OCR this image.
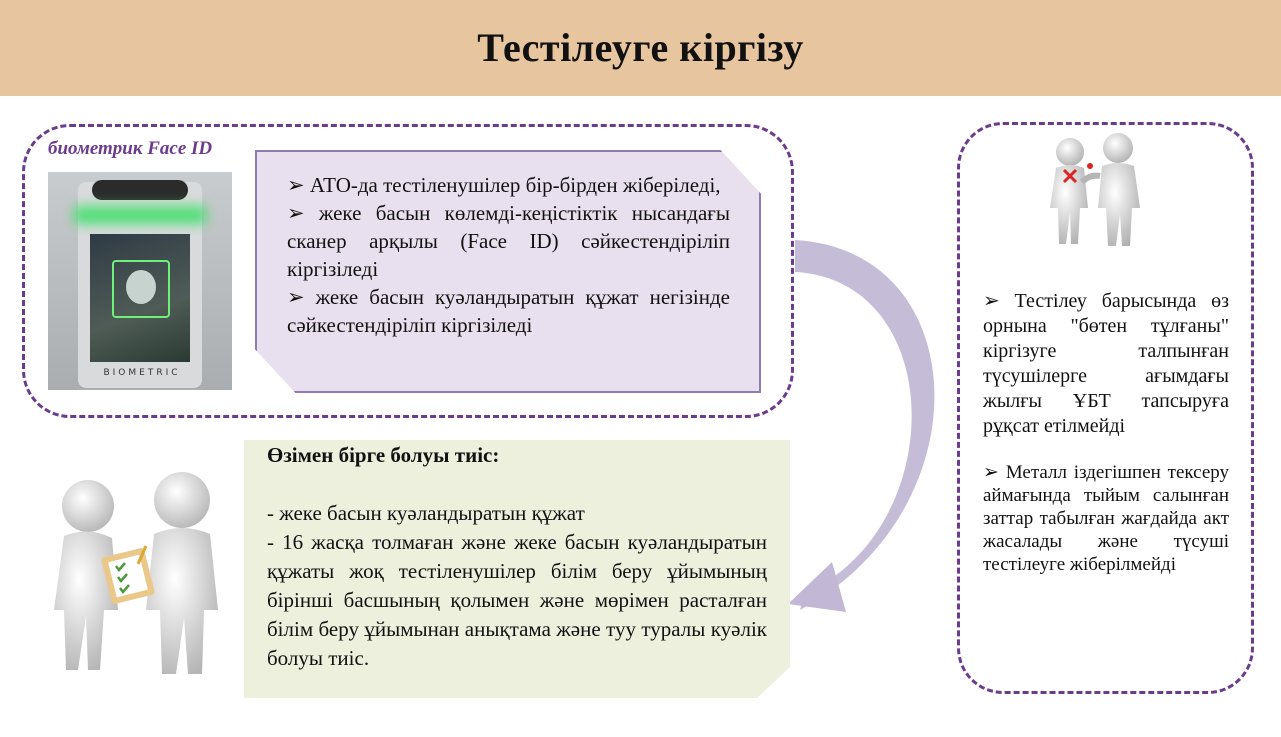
Тестілеуге кіргізу
биометрик Face ID
BIOMETRIC

➢ АТО-да тестіленушілер бір-бірден жіберіледі,

➢ жеке басын көлемді-кеңістіктік нысандағы сканер арқылы (Face ID) сәйкестендіріліп кіргізіледі

➢ жеке басын куәландыратын құжат негізінде сәйкестендіріліп кіргізіледі

Өзімен бірге болуы тиіс:

- жеке басын куәландыратын құжат

- 16 жасқа толмаған және жеке басын куәландыратын құжаты жоқ тестіленушілер білім беру ұйымының бірінші басшының қолымен және мөрімен расталған білім беру ұйымынан анықтама және туу туралы куәлік болуы тиіс.

➢ Тестілеу барысында өз орнына "бөтен тұлғаны" кіргізуге талпынған түсушілерге ағымдағы жылғы ҰБТ тапсыруға рұқсат етілмейді

➢ Металл іздегішпен тексеру аймағында тыйым салынған заттар табылған жағдайда акт жасалады және түсуші тестілеуге жіберілмейді
